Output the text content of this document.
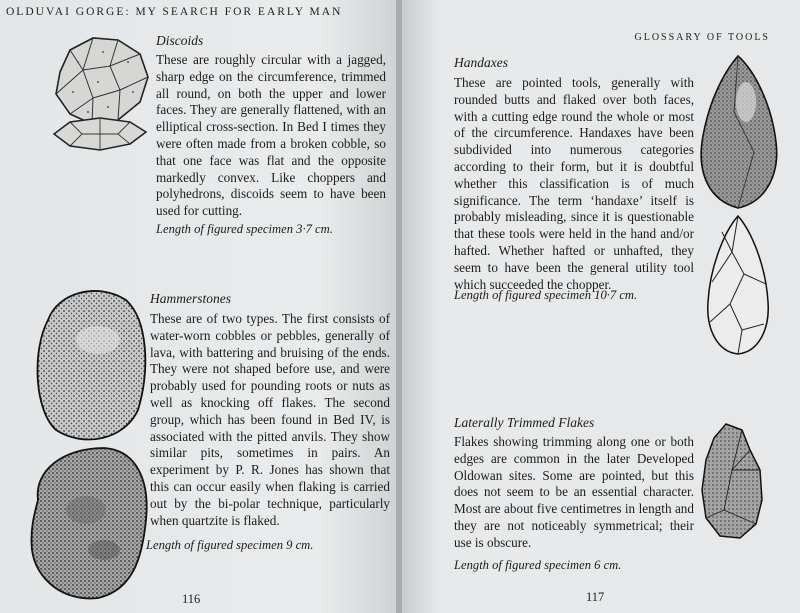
OLDUVAI GORGE: MY SEARCH FOR EARLY MAN
Discoids

These are roughly circular with a jagged, sharp edge on the circumference, trimmed all round, on both the upper and lower faces. They are generally flattened, with an elliptical cross-section. In Bed I times they were often made from a broken cobble, so that one face was flat and the opposite markedly convex. Like choppers and polyhedrons, discoids seem to have been used for cutting.

Length of figured specimen 3·7 cm.
Hammerstones

These are of two types. The first consists of water-worn cobbles or pebbles, generally of lava, with battering and bruising of the ends. They were not shaped before use, and were probably used for pounding roots or nuts as well as knocking off flakes. The second group, which has been found in Bed IV, is associated with the pitted anvils. They show similar pits, sometimes in pairs. An experiment by P. R. Jones has shown that this can occur easily when flaking is carried out by the bi-polar technique, particularly when quartzite is flaked.

Length of figured specimen 9 cm.
116
GLOSSARY OF TOOLS
Handaxes

These are pointed tools, generally with rounded butts and flaked over both faces, with a cutting edge round the whole or most of the circumference. Handaxes have been subdivided into numerous categories according to their form, but it is doubtful whether this classification is of much significance. The term ‘handaxe’ itself is probably misleading, since it is questionable that these tools were held in the hand and/or hafted. Whether hafted or unhafted, they seem to have been the general utility tool which succeeded the chopper.

Length of figured specimen 10·7 cm.
Laterally Trimmed Flakes

Flakes showing trimming along one or both edges are common in the later Developed Oldowan sites. Some are pointed, but this does not seem to be an essential character. Most are about five centimetres in length and they are not noticeably symmetrical; their use is obscure.

Length of figured specimen 6 cm.
117
